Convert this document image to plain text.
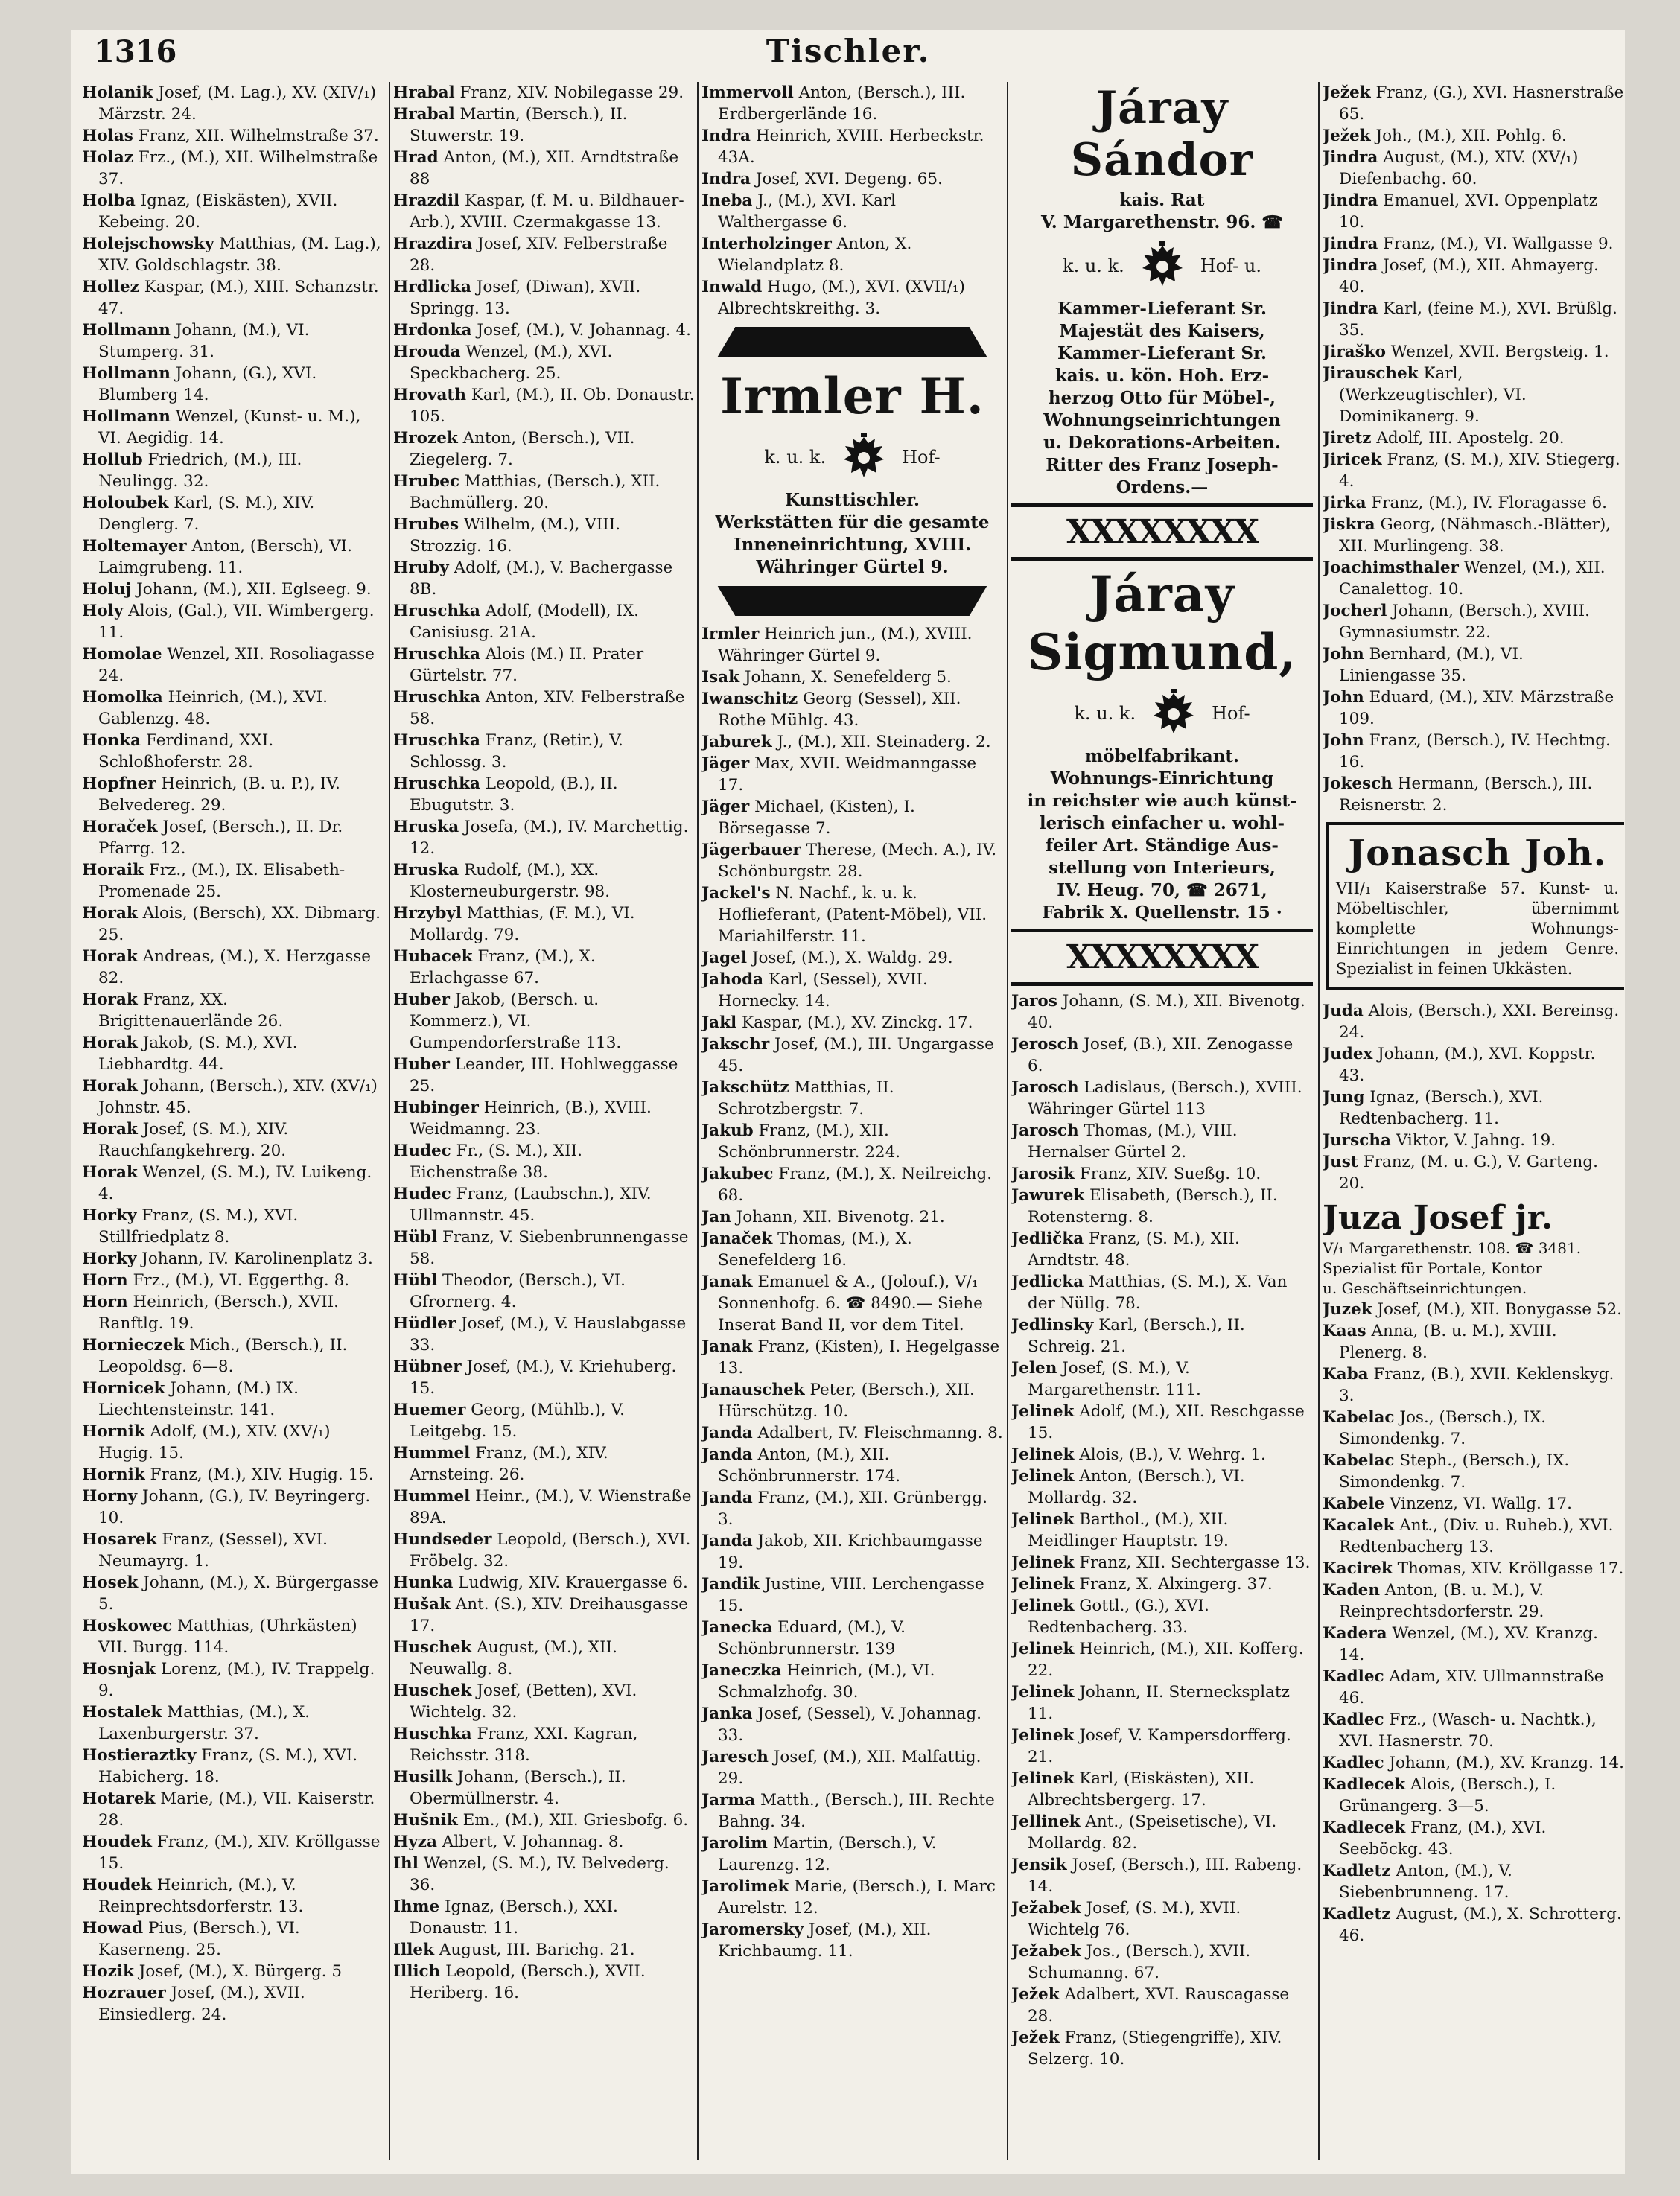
1316	Tischler.

Holanik Josef, (M. Lag.), XV. (XIV/₁) Märzstr. 24.

Holas Franz, XII. Wilhelmstraße 37.

Holaz Frz., (M.), XII. Wilhelmstraße 37.

Holba Ignaz, (Eiskästen), XVII. Kebeing. 20.

Holejschowsky Matthias, (M. Lag.), XIV. Goldschlagstr. 38.

Hollez Kaspar, (M.), XIII. Schanzstr. 47.

Hollmann Johann, (M.), VI. Stumperg. 31.

Hollmann Johann, (G.), XVI. Blumberg 14.

Hollmann Wenzel, (Kunst- u. M.), VI. Aegidig. 14.

Hollub Friedrich, (M.), III. Neulingg. 32.

Holoubek Karl, (S. M.), XIV. Denglerg. 7.

Holtemayer Anton, (Bersch), VI. Laimgrubeng. 11.

Holuj Johann, (M.), XII. Eglseeg. 9.

Holy Alois, (Gal.), VII. Wimbergerg. 11.

Homolae Wenzel, XII. Rosoliagasse 24.

Homolka Heinrich, (M.), XVI. Gablenzg. 48.

Honka Ferdinand, XXI. Schloßhoferstr. 28.

Hopfner Heinrich, (B. u. P.), IV. Belvedereg. 29.

Horaček Josef, (Bersch.), II. Dr. Pfarrg. 12.

Horaik Frz., (M.), IX. Elisabeth-Promenade 25.

Horak Alois, (Bersch), XX. Dibmarg. 25.

Horak Andreas, (M.), X. Herzgasse 82.

Horak Franz, XX. Brigittenauerlände 26.

Horak Jakob, (S. M.), XVI. Liebhardtg. 44.

Horak Johann, (Bersch.), XIV. (XV/₁) Johnstr. 45.

Horak Josef, (S. M.), XIV. Rauchfangkehrerg. 20.

Horak Wenzel, (S. M.), IV. Luikeng. 4.

Horky Franz, (S. M.), XVI. Stillfriedplatz 8.

Horky Johann, IV. Karolinenplatz 3.

Horn Frz., (M.), VI. Eggerthg. 8.

Horn Heinrich, (Bersch.), XVII. Ranftlg. 19.

Hornieczek Mich., (Bersch.), II. Leopoldsg. 6—8.

Hornicek Johann, (M.) IX. Liechtensteinstr. 141.

Hornik Adolf, (M.), XIV. (XV/₁) Hugig. 15.

Hornik Franz, (M.), XIV. Hugig. 15.

Horny Johann, (G.), IV. Beyringerg. 10.

Hosarek Franz, (Sessel), XVI. Neumayrg. 1.

Hosek Johann, (M.), X. Bürgergasse 5.

Hoskowec Matthias, (Uhrkästen) VII. Burgg. 114.

Hosnjak Lorenz, (M.), IV. Trappelg. 9.

Hostalek Matthias, (M.), X. Laxenburgerstr. 37.

Hostieraztky Franz, (S. M.), XVI. Habicherg. 18.

Hotarek Marie, (M.), VII. Kaiserstr. 28.

Houdek Franz, (M.), XIV. Kröllgasse 15.

Houdek Heinrich, (M.), V. Reinprechtsdorferstr. 13.

Howad Pius, (Bersch.), VI. Kaserneng. 25.

Hozik Josef, (M.), X. Bürgerg. 5

Hozrauer Josef, (M.), XVII. Einsiedlerg. 24.

Hrabal Franz, XIV. Nobilegasse 29.

Hrabal Martin, (Bersch.), II. Stuwerstr. 19.

Hrad Anton, (M.), XII. Arndtstraße 88

Hrazdil Kaspar, (f. M. u. Bildhauer-Arb.), XVIII. Czermakgasse 13.

Hrazdira Josef, XIV. Felberstraße 28.

Hrdlicka Josef, (Diwan), XVII. Springg. 13.

Hrdonka Josef, (M.), V. Johannag. 4.

Hrouda Wenzel, (M.), XVI. Speckbacherg. 25.

Hrovath Karl, (M.), II. Ob. Donaustr. 105.

Hrozek Anton, (Bersch.), VII. Ziegelerg. 7.

Hrubec Matthias, (Bersch.), XII. Bachmüllerg. 20.

Hrubes Wilhelm, (M.), VIII. Strozzig. 16.

Hruby Adolf, (M.), V. Bachergasse 8B.

Hruschka Adolf, (Modell), IX. Canisiusg. 21A.

Hruschka Alois (M.) II. Prater Gürtelstr. 77.

Hruschka Anton, XIV. Felberstraße 58.

Hruschka Franz, (Retir.), V. Schlossg. 3.

Hruschka Leopold, (B.), II. Ebugutstr. 3.

Hruska Josefa, (M.), IV. Marchettig. 12.

Hruska Rudolf, (M.), XX. Klosterneuburgerstr. 98.

Hrzybyl Matthias, (F. M.), VI. Mollardg. 79.

Hubacek Franz, (M.), X. Erlachgasse 67.

Huber Jakob, (Bersch. u. Kommerz.), VI. Gumpendorferstraße 113.

Huber Leander, III. Hohlweggasse 25.

Hubinger Heinrich, (B.), XVIII. Weidmanng. 23.

Hudec Fr., (S. M.), XII. Eichenstraße 38.

Hudec Franz, (Laubschn.), XIV. Ullmannstr. 45.

Hübl Franz, V. Siebenbrunnengasse 58.

Hübl Theodor, (Bersch.), VI. Gfrornerg. 4.

Hüdler Josef, (M.), V. Hauslabgasse 33.

Hübner Josef, (M.), V. Kriehuberg. 15.

Huemer Georg, (Mühlb.), V. Leitgebg. 15.

Hummel Franz, (M.), XIV. Arnsteing. 26.

Hummel Heinr., (M.), V. Wienstraße 89A.

Hundseder Leopold, (Bersch.), XVI. Fröbelg. 32.

Hunka Ludwig, XIV. Krauergasse 6.

Hušak Ant. (S.), XIV. Dreihausgasse 17.

Huschek August, (M.), XII. Neuwallg. 8.

Huschek Josef, (Betten), XVI. Wichtelg. 32.

Huschka Franz, XXI. Kagran, Reichsstr. 318.

Husilk Johann, (Bersch.), II. Obermüllnerstr. 4.

Hušnik Em., (M.), XII. Griesbofg. 6.

Hyza Albert, V. Johannag. 8.

Ihl Wenzel, (S. M.), IV. Belvederg. 36.

Ihme Ignaz, (Bersch.), XXI. Donaustr. 11.

Illek August, III. Barichg. 21.

Illich Leopold, (Bersch.), XVII. Heriberg. 16.

Immervoll Anton, (Bersch.), III. Erdbergerlände 16.

Indra Heinrich, XVIII. Herbeckstr. 43A.

Indra Josef, XVI. Degeng. 65.

Ineba J., (M.), XVI. Karl Walthergasse 6.

Interholzinger Anton, X. Wielandplatz 8.

Inwald Hugo, (M.), XVI. (XVII/₁) Albrechtskreithg. 3.

Irmler H.
k. u. k.	Hof-
Kunsttischler.
Werkstätten für die gesamte
Inneneinrichtung, XVIII.
Währinger Gürtel 9.

Irmler Heinrich jun., (M.), XVIII. Währinger Gürtel 9.

Isak Johann, X. Senefelderg 5.

Iwanschitz Georg (Sessel), XII. Rothe Mühlg. 43.

Jaburek J., (M.), XII. Steinaderg. 2.

Jäger Max, XVII. Weidmanngasse 17.

Jäger Michael, (Kisten), I. Börsegasse 7.

Jägerbauer Therese, (Mech. A.), IV. Schönburgstr. 28.

Jackel's N. Nachf., k. u. k. Hoflieferant, (Patent-Möbel), VII. Mariahilferstr. 11.

Jagel Josef, (M.), X. Waldg. 29.

Jahoda Karl, (Sessel), XVII. Hornecky. 14.

Jakl Kaspar, (M.), XV. Zinckg. 17.

Jakschr Josef, (M.), III. Ungargasse 45.

Jakschütz Matthias, II. Schrotzbergstr. 7.

Jakub Franz, (M.), XII. Schönbrunnerstr. 224.

Jakubec Franz, (M.), X. Neilreichg. 68.

Jan Johann, XII. Bivenotg. 21.

Janaček Thomas, (M.), X. Senefelderg 16.

Janak Emanuel & A., (Jolouf.), V/₁ Sonnenhofg. 6. ☎ 8490.— Siehe Inserat Band II, vor dem Titel.

Janak Franz, (Kisten), I. Hegelgasse 13.

Janauschek Peter, (Bersch.), XII. Hürschützg. 10.

Janda Adalbert, IV. Fleischmanng. 8.

Janda Anton, (M.), XII. Schönbrunnerstr. 174.

Janda Franz, (M.), XII. Grünbergg. 3.

Janda Jakob, XII. Krichbaumgasse 19.

Jandik Justine, VIII. Lerchengasse 15.

Janecka Eduard, (M.), V. Schönbrunnerstr. 139

Janeczka Heinrich, (M.), VI. Schmalzhofg. 30.

Janka Josef, (Sessel), V. Johannag. 33.

Jaresch Josef, (M.), XII. Malfattig. 29.

Jarma Matth., (Bersch.), III. Rechte Bahng. 34.

Jarolim Martin, (Bersch.), V. Laurenzg. 12.

Jarolimek Marie, (Bersch.), I. Marc Aurelstr. 12.

Jaromersky Josef, (M.), XII. Krichbaumg. 11.

Járay Sándor
kais. Rat
V. Margarethenstr. 96. ☎
k. u. k.	Hof- u.
Kammer-Lieferant Sr.
Majestät des Kaisers,
Kammer-Lieferant Sr.
kais. u. kön. Hoh. Erz-
herzog Otto für Möbel-,
Wohnungseinrichtungen
u. Dekorations-Arbeiten.
Ritter des Franz Joseph-
Ordens.—
XXXXXXXX
Járay
Sigmund,
k. u. k.	Hof-
möbelfabrikant.
Wohnungs-Einrichtung
in reichster wie auch künst-
lerisch einfacher u. wohl-
feiler Art. Ständige Aus-
stellung von Interieurs,
IV. Heug. 70, ☎ 2671,
Fabrik X. Quellenstr. 15 ·
XXXXXXXX

Jaros Johann, (S. M.), XII. Bivenotg. 40.

Jerosch Josef, (B.), XII. Zenogasse 6.

Jarosch Ladislaus, (Bersch.), XVIII. Währinger Gürtel 113

Jarosch Thomas, (M.), VIII. Hernalser Gürtel 2.

Jarosik Franz, XIV. Sueßg. 10.

Jawurek Elisabeth, (Bersch.), II. Rotensterng. 8.

Jedlička Franz, (S. M.), XII. Arndtstr. 48.

Jedlicka Matthias, (S. M.), X. Van der Nüllg. 78.

Jedlinsky Karl, (Bersch.), II. Schreig. 21.

Jelen Josef, (S. M.), V. Margarethenstr. 111.

Jelinek Adolf, (M.), XII. Reschgasse 15.

Jelinek Alois, (B.), V. Wehrg. 1.

Jelinek Anton, (Bersch.), VI. Mollardg. 32.

Jelinek Barthol., (M.), XII. Meidlinger Hauptstr. 19.

Jelinek Franz, XII. Sechtergasse 13.

Jelinek Franz, X. Alxingerg. 37.

Jelinek Gottl., (G.), XVI. Redtenbacherg. 33.

Jelinek Heinrich, (M.), XII. Kofferg. 22.

Jelinek Johann, II. Sternecksplatz 11.

Jelinek Josef, V. Kampersdorfferg. 21.

Jelinek Karl, (Eiskästen), XII. Albrechtsbergerg. 17.

Jellinek Ant., (Speisetische), VI. Mollardg. 82.

Jensik Josef, (Bersch.), III. Rabeng. 14.

Ježabek Josef, (S. M.), XVII. Wichtelg 76.

Ježabek Jos., (Bersch.), XVII. Schumanng. 67.

Ježek Adalbert, XVI. Rauscagasse 28.

Ježek Franz, (Stiegengriffe), XIV. Selzerg. 10.

Ježek Franz, (G.), XVI. Hasnerstraße 65.

Ježek Joh., (M.), XII. Pohlg. 6.

Jindra August, (M.), XIV. (XV/₁) Diefenbachg. 60.

Jindra Emanuel, XVI. Oppenplatz 10.

Jindra Franz, (M.), VI. Wallgasse 9.

Jindra Josef, (M.), XII. Ahmayerg. 40.

Jindra Karl, (feine M.), XVI. Brüßlg. 35.

Jiraško Wenzel, XVII. Bergsteig. 1.

Jirauschek Karl, (Werkzeugtischler), VI. Dominikanerg. 9.

Jiretz Adolf, III. Apostelg. 20.

Jiricek Franz, (S. M.), XIV. Stiegerg. 4.

Jirka Franz, (M.), IV. Floragasse 6.

Jiskra Georg, (Nähmasch.-Blätter), XII. Murlingeng. 38.

Joachimsthaler Wenzel, (M.), XII. Canalettog. 10.

Jocherl Johann, (Bersch.), XVIII. Gymnasiumstr. 22.

John Bernhard, (M.), VI. Liniengasse 35.

John Eduard, (M.), XIV. Märzstraße 109.

John Franz, (Bersch.), IV. Hechtng. 16.

Jokesch Hermann, (Bersch.), III. Reisnerstr. 2.

Jonasch Joh.

VII/₁ Kaiserstraße 57. Kunst- u. Möbeltischler, übernimmt komplette Wohnungs-Einrichtungen in jedem Genre. Spezialist in feinen Ukkästen.

Juda Alois, (Bersch.), XXI. Bereinsg. 24.

Judex Johann, (M.), XVI. Koppstr. 43.

Jung Ignaz, (Bersch.), XVI. Redtenbacherg. 11.

Jurscha Viktor, V. Jahng. 19.

Just Franz, (M. u. G.), V. Garteng. 20.

Juza Josef jr.

V/₁ Margarethenstr. 108. ☎ 3481.

Spezialist für Portale, Kontor

u. Geschäftseinrichtungen.

Juzek Josef, (M.), XII. Bonygasse 52.

Kaas Anna, (B. u. M.), XVIII. Plenerg. 8.

Kaba Franz, (B.), XVII. Keklenskyg. 3.

Kabelac Jos., (Bersch.), IX. Simondenkg. 7.

Kabelac Steph., (Bersch.), IX. Simondenkg. 7.

Kabele Vinzenz, VI. Wallg. 17.

Kacalek Ant., (Div. u. Ruheb.), XVI. Redtenbacherg 13.

Kacirek Thomas, XIV. Kröllgasse 17.

Kaden Anton, (B. u. M.), V. Reinprechtsdorferstr. 29.

Kadera Wenzel, (M.), XV. Kranzg. 14.

Kadlec Adam, XIV. Ullmannstraße 46.

Kadlec Frz., (Wasch- u. Nachtk.), XVI. Hasnerstr. 70.

Kadlec Johann, (M.), XV. Kranzg. 14.

Kadlecek Alois, (Bersch.), I. Grünangerg. 3—5.

Kadlecek Franz, (M.), XVI. Seeböckg. 43.

Kadletz Anton, (M.), V. Siebenbrunneng. 17.

Kadletz August, (M.), X. Schrotterg. 46.
